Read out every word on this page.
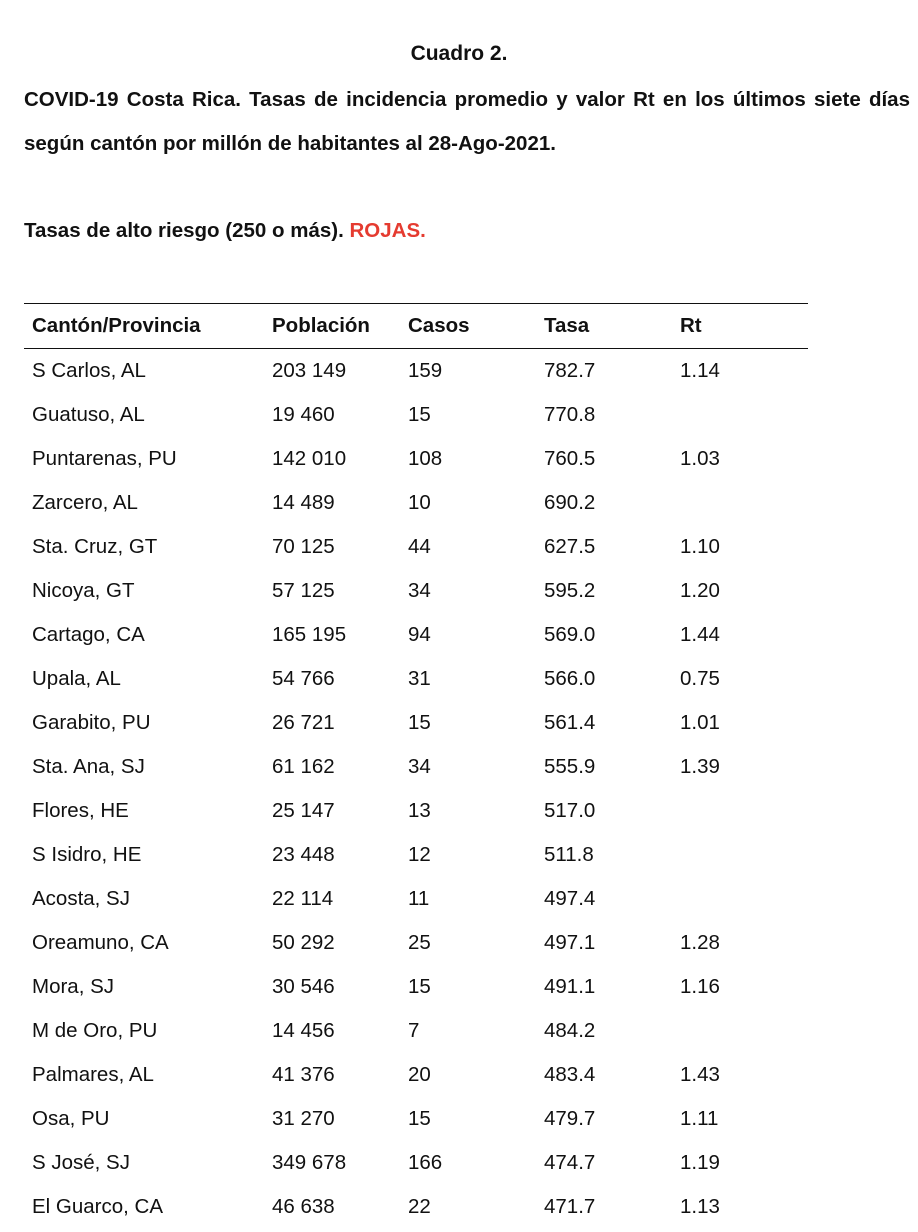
Cuadro 2.

COVID-19 Costa Rica. Tasas de incidencia promedio y valor Rt en los últimos siete días

según cantón por millón de habitantes al 28-Ago-2021.

Tasas de alto riesgo (250 o más). ROJAS.

Cantón/Provincia	Población	Casos	Tasa	Rt
S Carlos, AL	203 149	159	782.7	1.14
Guatuso, AL	19 460	15	770.8	
Puntarenas, PU	142 010	108	760.5	1.03
Zarcero, AL	14 489	10	690.2	
Sta. Cruz, GT	70 125	44	627.5	1.10
Nicoya, GT	57 125	34	595.2	1.20
Cartago, CA	165 195	94	569.0	1.44
Upala, AL	54 766	31	566.0	0.75
Garabito, PU	26 721	15	561.4	1.01
Sta. Ana, SJ	61 162	34	555.9	1.39
Flores, HE	25 147	13	517.0	
S Isidro, HE	23 448	12	511.8	
Acosta, SJ	22 114	11	497.4	
Oreamuno, CA	50 292	25	497.1	1.28
Mora, SJ	30 546	15	491.1	1.16
M de Oro, PU	14 456	7	484.2	
Palmares, AL	41 376	20	483.4	1.43
Osa, PU	31 270	15	479.7	1.11
S José, SJ	349 678	166	474.7	1.19
El Guarco, CA	46 638	22	471.7	1.13
